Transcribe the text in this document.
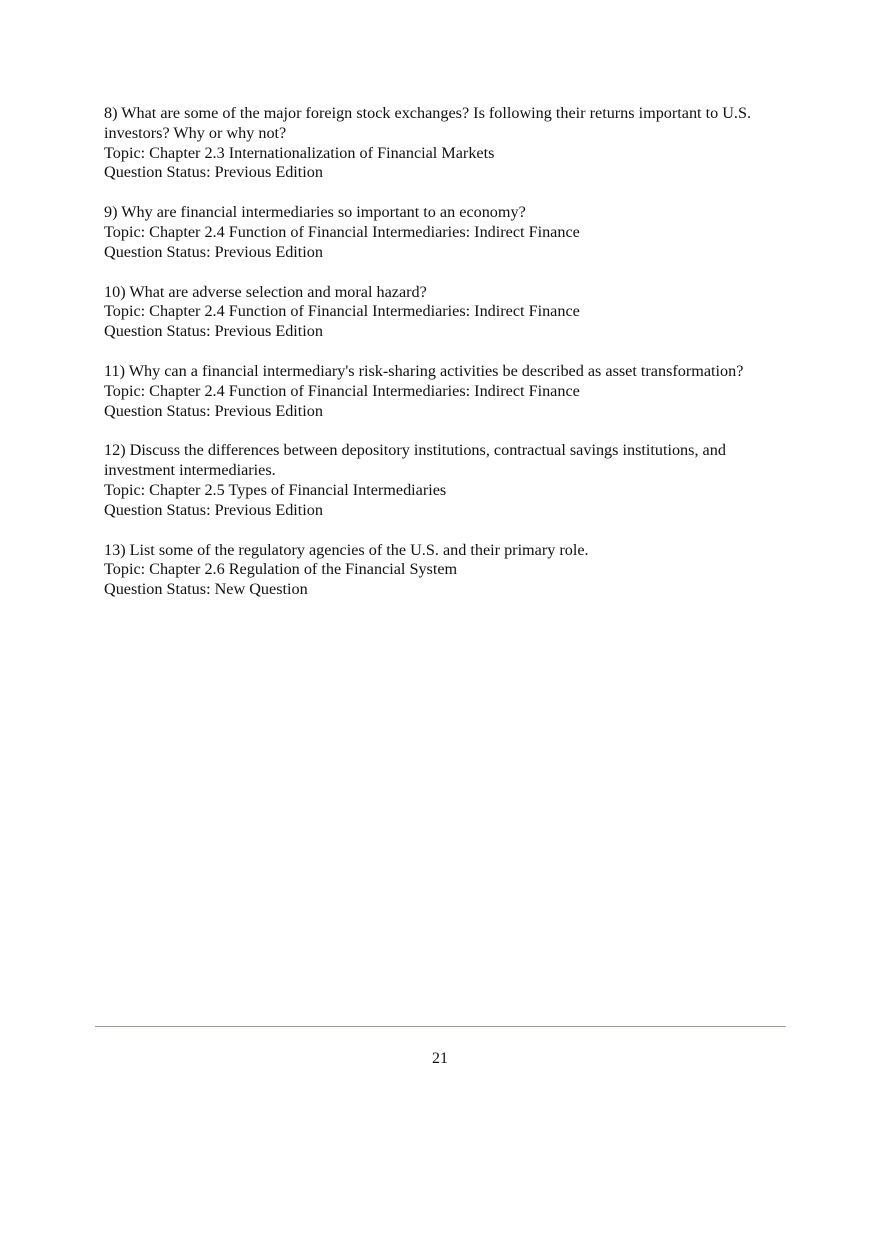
8) What are some of the major foreign stock exchanges? Is following their returns important to U.S. investors? Why or why not?

Topic: Chapter 2.3 Internationalization of Financial Markets

Question Status: Previous Edition

9) Why are financial intermediaries so important to an economy?

Topic: Chapter 2.4 Function of Financial Intermediaries: Indirect Finance

Question Status: Previous Edition

10) What are adverse selection and moral hazard?

Topic: Chapter 2.4 Function of Financial Intermediaries: Indirect Finance

Question Status: Previous Edition

11) Why can a financial intermediary's risk-sharing activities be described as asset transformation?

Topic: Chapter 2.4 Function of Financial Intermediaries: Indirect Finance

Question Status: Previous Edition

12) Discuss the differences between depository institutions, contractual savings institutions, and investment intermediaries.

Topic: Chapter 2.5 Types of Financial Intermediaries

Question Status: Previous Edition

13) List some of the regulatory agencies of the U.S. and their primary role.

Topic: Chapter 2.6 Regulation of the Financial System

Question Status: New Question

21
